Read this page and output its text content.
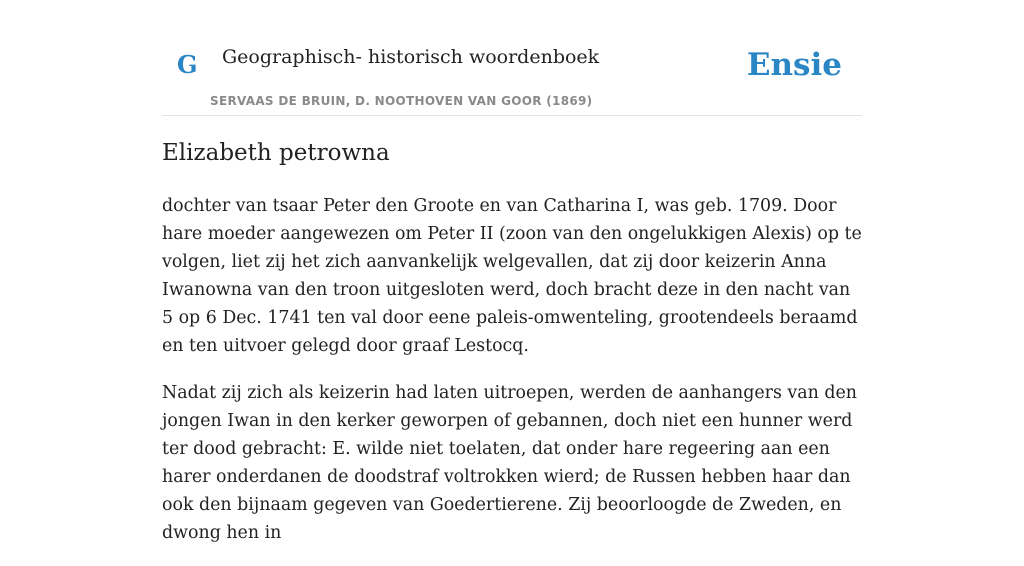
G Geographisch- historisch woordenboek
SERVAAS DE BRUIN, D. NOOTHOVEN VAN GOOR (1869)
Ensie
Elizabeth petrowna

dochter van tsaar Peter den Groote en van Catharina I, was geb. 1709. Door hare moeder aangewezen om Peter II (zoon van den ongelukkigen Alexis) op te volgen, liet zij het zich aanvankelijk welgevallen, dat zij door keizerin Anna Iwanowna van den troon uitgesloten werd, doch bracht deze in den nacht van 5 op 6 Dec. 1741 ten val door eene paleis-omwenteling, grootendeels beraamd en ten uitvoer gelegd door graaf Lestocq.

Nadat zij zich als keizerin had laten uitroepen, werden de aanhangers van den jongen Iwan in den kerker geworpen of gebannen, doch niet een hunner werd ter dood gebracht: E. wilde niet toelaten, dat onder hare regeering aan een harer onderdanen de doodstraf voltrokken wierd; de Russen hebben haar dan ook den bijnaam gegeven van Goedertierene. Zij beoorloogde de Zweden, en dwong hen in
